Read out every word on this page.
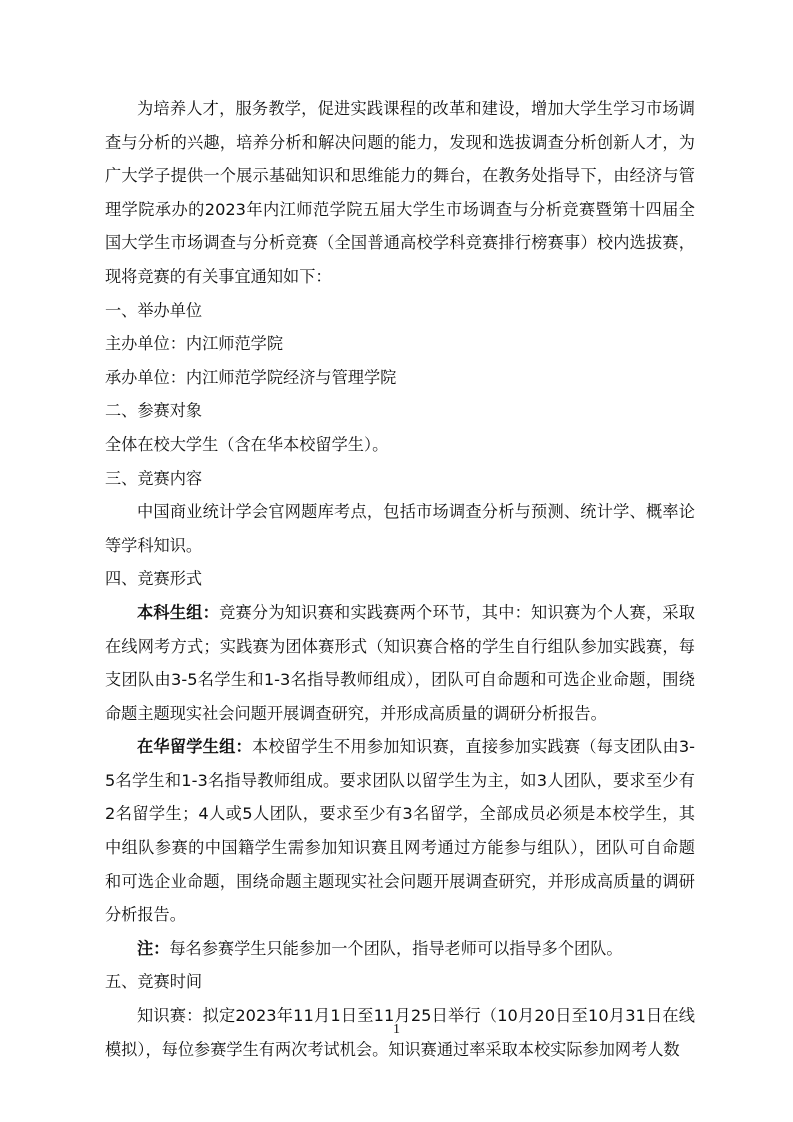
为培养人才，服务教学，促进实践课程的改革和建设，增加大学生学习市场调查与分析的兴趣，培养分析和解决问题的能力，发现和选拔调查分析创新人才，为广大学子提供一个展示基础知识和思维能力的舞台，在教务处指导下，由经济与管理学院承办的2023年内江师范学院五届大学生市场调查与分析竞赛暨第十四届全国大学生市场调查与分析竞赛（全国普通高校学科竞赛排行榜赛事）校内选拔赛，现将竞赛的有关事宜通知如下：

一、举办单位

主办单位：内江师范学院

承办单位：内江师范学院经济与管理学院

二、参赛对象

全体在校大学生（含在华本校留学生）。

三、竞赛内容

中国商业统计学会官网题库考点，包括市场调查分析与预测、统计学、概率论等学科知识。

四、竞赛形式

本科生组：竞赛分为知识赛和实践赛两个环节，其中：知识赛为个人赛，采取在线网考方式；实践赛为团体赛形式（知识赛合格的学生自行组队参加实践赛，每支团队由3-5名学生和1-3名指导教师组成），团队可自命题和可选企业命题，围绕命题主题现实社会问题开展调查研究，并形成高质量的调研分析报告。

在华留学生组：本校留学生不用参加知识赛，直接参加实践赛（每支团队由3-5名学生和1-3名指导教师组成。要求团队以留学生为主，如3人团队，要求至少有2名留学生；4人或5人团队，要求至少有3名留学，全部成员必须是本校学生，其中组队参赛的中国籍学生需参加知识赛且网考通过方能参与组队），团队可自命题和可选企业命题，围绕命题主题现实社会问题开展调查研究，并形成高质量的调研分析报告。

注：每名参赛学生只能参加一个团队，指导老师可以指导多个团队。

五、竞赛时间

知识赛：拟定2023年11月1日至11月25日举行（10月20日至10月31日在线模拟），每位参赛学生有两次考试机会。知识赛通过率采取本校实际参加网考人数

1
